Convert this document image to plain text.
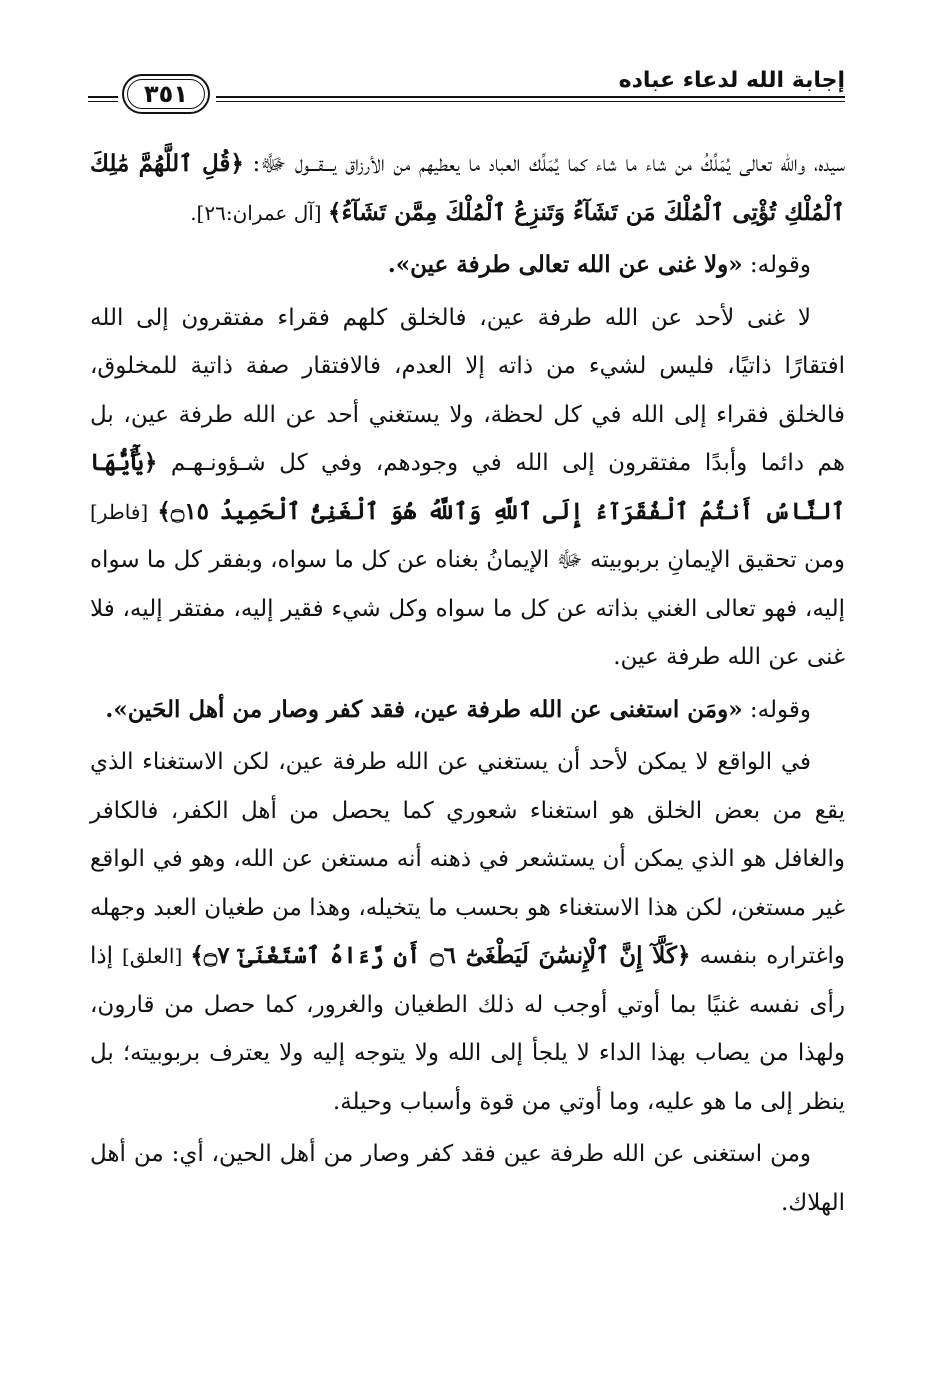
إجابة الله لدعاء عباده
٣٥١

سيده، والله تعالى يُمَلِّكُ من شاء ما شاء كما يُمَلِّك العباد ما يعطيهم من الأرزاق يـــقـــول ﷻ: ﴿قُلِ ٱللَّهُمَّ مَٰلِكَ ٱلْمُلْكِ تُؤْتِى ٱلْمُلْكَ مَن تَشَآءُ وَتَنزِعُ ٱلْمُلْكَ مِمَّن تَشَآءُ﴾ [آل عمران:٢٦].

وقوله: «ولا غنى عن الله تعالى طرفة عين».

لا غنى لأحد عن الله طرفة عين، فالخلق كلهم فقراء مفتقرون إلى الله افتقارًا ذاتيًا، فليس لشيء من ذاته إلا العدم، فالافتقار صفة ذاتية للمخلوق، فالخلق فقراء إلى الله في كل لحظة، ولا يستغني أحد عن الله طرفة عين، بل هم دائما وأبدًا مفتقرون إلى الله في وجودهم، وفي كل شـؤونـهـم ﴿يَٰٓأَيُّهَا ٱلنَّاسُ أَنتُمُ ٱلْفُقَرَآءُ إِلَى ٱللَّهِ وَٱللَّهُ هُوَ ٱلْغَنِىُّ ٱلْحَمِيدُ ۝١٥﴾ [فاطر] ومن تحقيق الإيمانِ بربوبيته ﷻ الإيمانُ بغناه عن كل ما سواه، وبفقر كل ما سواه إليه، فهو تعالى الغني بذاته عن كل ما سواه وكل شيء فقير إليه، مفتقر إليه، فلا غنى عن الله طرفة عين.

وقوله: «ومَن استغنى عن الله طرفة عين، فقد كفر وصار من أهل الحَين».

في الواقع لا يمكن لأحد أن يستغني عن الله طرفة عين، لكن الاستغناء الذي يقع من بعض الخلق هو استغناء شعوري كما يحصل من أهل الكفر، فالكافر والغافل هو الذي يمكن أن يستشعر في ذهنه أنه مستغن عن الله، وهو في الواقع غير مستغن، لكن هذا الاستغناء هو بحسب ما يتخيله، وهذا من طغيان العبد وجهله واغتراره بنفسه ﴿كَلَّآ إِنَّ ٱلْإِنسَٰنَ لَيَطْغَىٰٓ ۝٦ أَن رَّءَاهُ ٱسْتَغْنَىٰٓ ۝٧﴾ [العلق] إذا رأى نفسه غنيًا بما أوتي أوجب له ذلك الطغيان والغرور، كما حصل من قارون، ولهذا من يصاب بهذا الداء لا يلجأ إلى الله ولا يتوجه إليه ولا يعترف بربوبيته؛ بل ينظر إلى ما هو عليه، وما أوتي من قوة وأسباب وحيلة.

ومن استغنى عن الله طرفة عين فقد كفر وصار من أهل الحين، أي: من أهل الهلاك.
